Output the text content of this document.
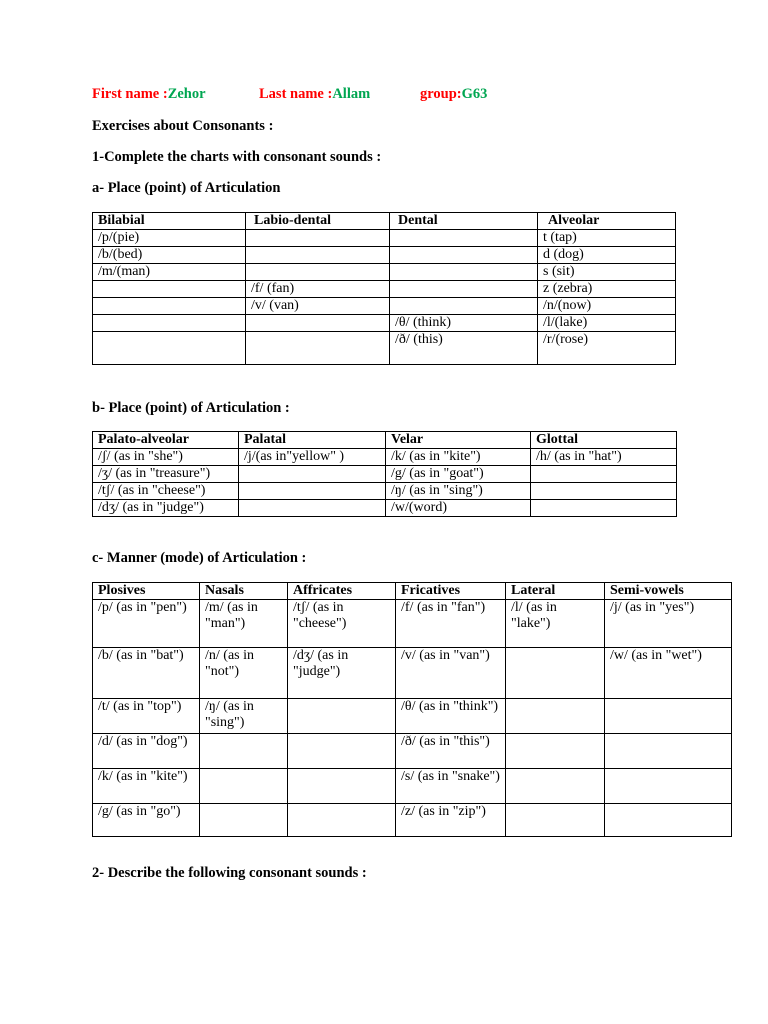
First name :Zehor	Last name :Allam	group:G63
Exercises about Consonants :
1-Complete the charts with consonant sounds :
a- Place (point) of Articulation
Bilabial	Labio-dental	Dental	Alveolar
/p/(pie)			t (tap)
/b/(bed)			d (dog)
/m/(man)			s (sit)
	/f/ (fan)		z (zebra)
	/v/ (van)		/n/(now)
		/θ/ (think)	/l/(lake)
		/ð/ (this)	/r/(rose)
b- Place (point) of Articulation :
Palato-alveolar	Palatal	Velar	Glottal
/ʃ/ (as in "she")	/j/(as in"yellow" )	/k/ (as in "kite")	/h/ (as in "hat")
/ʒ/ (as in "treasure")		/g/ (as in "goat")	
/tʃ/ (as in "cheese")		/ŋ/ (as in "sing")	
/dʒ/ (as in "judge")		/w/(word)	
c- Manner (mode) of Articulation :
Plosives	Nasals	Affricates	Fricatives	Lateral	Semi-vowels
/p/ (as in "pen")	/m/ (as in "man")	/tʃ/ (as in "cheese")	/f/ (as in "fan")	/l/ (as in "lake")	/j/ (as in "yes")
/b/ (as in "bat")	/n/ (as in "not")	/dʒ/ (as in "judge")	/v/ (as in "van")		/w/ (as in "wet")
/t/ (as in "top")	/ŋ/ (as in "sing")		/θ/ (as in "think")		
/d/ (as in "dog")			/ð/ (as in "this")		
/k/ (as in "kite")			/s/ (as in "snake")		
/g/ (as in "go")			/z/ (as in "zip")		
2- Describe the following consonant sounds :
